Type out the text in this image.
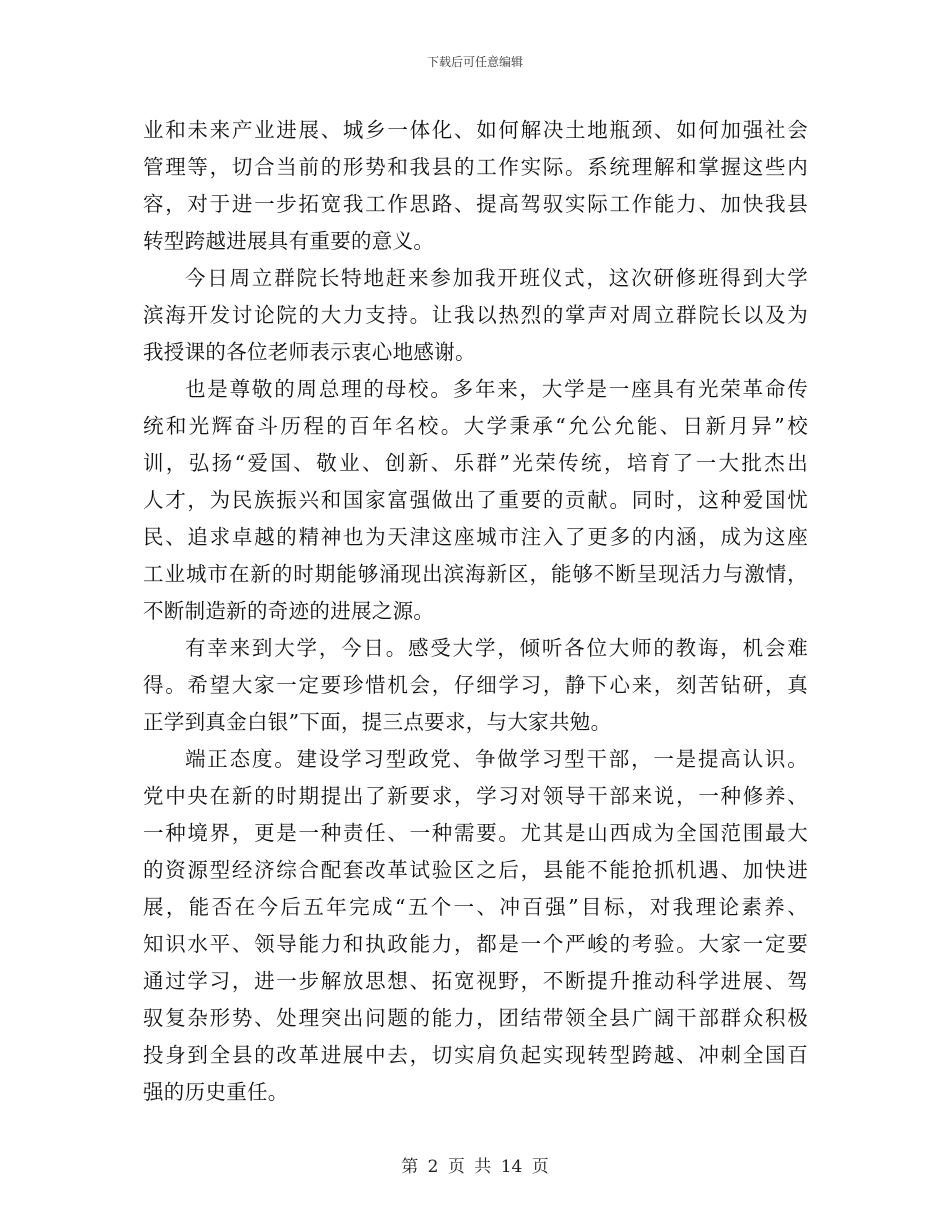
下载后可任意编辑
业和未来产业进展、城乡一体化、如何解决土地瓶颈、如何加强社会
管理等，切合当前的形势和我县的工作实际。系统理解和掌握这些内
容，对于进一步拓宽我工作思路、提高驾驭实际工作能力、加快我县
转型跨越进展具有重要的意义。
今日周立群院长特地赶来参加我开班仪式，这次研修班得到大学
滨海开发讨论院的大力支持。让我以热烈的掌声对周立群院长以及为
我授课的各位老师表示衷心地感谢。
也是尊敬的周总理的母校。多年来，大学是一座具有光荣革命传
统和光辉奋斗历程的百年名校。大学秉承“允公允能、日新月异”校
训，弘扬“爱国、敬业、创新、乐群”光荣传统，培育了一大批杰出
人才，为民族振兴和国家富强做出了重要的贡献。同时，这种爱国忧
民、追求卓越的精神也为天津这座城市注入了更多的内涵，成为这座
工业城市在新的时期能够涌现出滨海新区，能够不断呈现活力与激情，
不断制造新的奇迹的进展之源。
有幸来到大学，今日。感受大学，倾听各位大师的教诲，机会难
得。希望大家一定要珍惜机会，仔细学习，静下心来，刻苦钻研，真
正学到真金白银”下面，提三点要求，与大家共勉。
端正态度。建设学习型政党、争做学习型干部，一是提高认识。
党中央在新的时期提出了新要求，学习对领导干部来说，一种修养、
一种境界，更是一种责任、一种需要。尤其是山西成为全国范围最大
的资源型经济综合配套改革试验区之后，县能不能抢抓机遇、加快进
展，能否在今后五年完成“五个一、冲百强”目标，对我理论素养、
知识水平、领导能力和执政能力，都是一个严峻的考验。大家一定要
通过学习，进一步解放思想、拓宽视野，不断提升推动科学进展、驾
驭复杂形势、处理突出问题的能力，团结带领全县广阔干部群众积极
投身到全县的改革进展中去，切实肩负起实现转型跨越、冲刺全国百
强的历史重任。
第 2 页 共 14 页
